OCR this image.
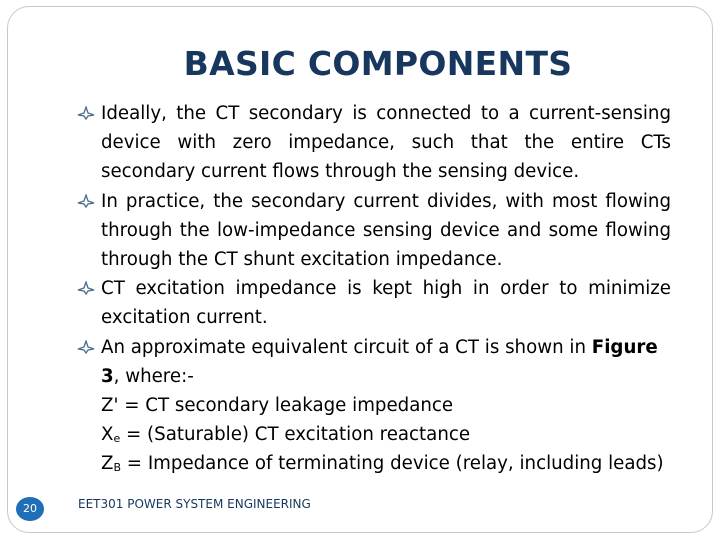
BASIC COMPONENTS
Ideally, the CT secondary is connected to a current-sensing device with zero impedance, such that the entire CTs secondary current flows through the sensing device.
In practice, the secondary current divides, with most flowing through the low-impedance sensing device and some flowing through the CT shunt excitation impedance.
CT excitation impedance is kept high in order to minimize excitation current.
An approximate equivalent circuit of a CT is shown in Figure 3, where:-
Z' = CT secondary leakage impedance
$X_e$ = (Saturable) CT excitation reactance
$Z_B$ = Impedance of terminating device (relay, including leads)
20	EET301 POWER SYSTEM ENGINEERING
